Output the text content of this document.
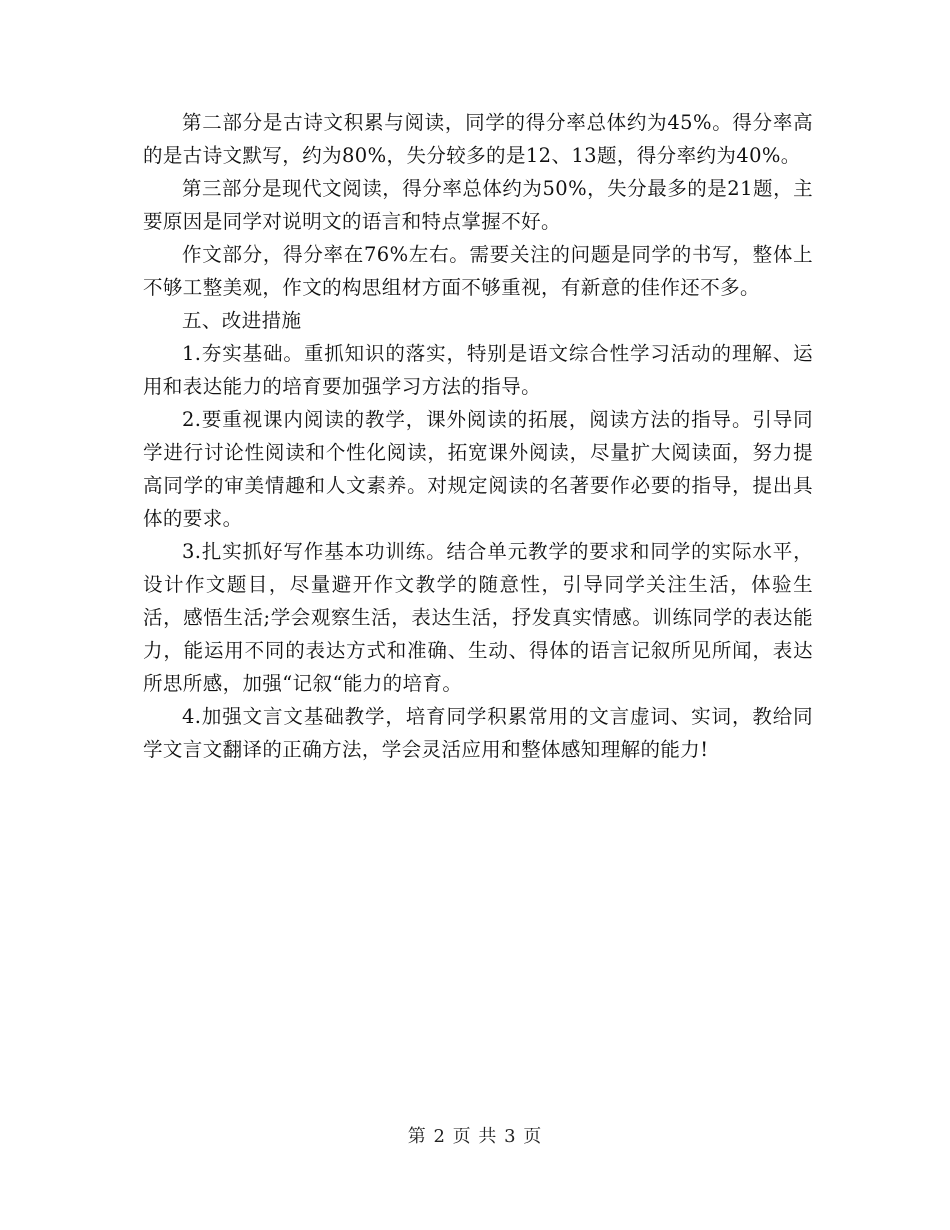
第二部分是古诗文积累与阅读，同学的得分率总体约为45%。得分率高的是古诗文默写，约为80%，失分较多的是12、13题，得分率约为40%。

第三部分是现代文阅读，得分率总体约为50%，失分最多的是21题，主要原因是同学对说明文的语言和特点掌握不好。

作文部分，得分率在76%左右。需要关注的问题是同学的书写，整体上不够工整美观，作文的构思组材方面不够重视，有新意的佳作还不多。

五、改进措施

1.夯实基础。重抓知识的落实，特别是语文综合性学习活动的理解、运用和表达能力的培育要加强学习方法的指导。

2.要重视课内阅读的教学，课外阅读的拓展，阅读方法的指导。引导同学进行讨论性阅读和个性化阅读，拓宽课外阅读，尽量扩大阅读面，努力提高同学的审美情趣和人文素养。对规定阅读的名著要作必要的指导，提出具体的要求。

3.扎实抓好写作基本功训练。结合单元教学的要求和同学的实际水平，设计作文题目，尽量避开作文教学的随意性，引导同学关注生活，体验生活，感悟生活;学会观察生活，表达生活，抒发真实情感。训练同学的表达能力，能运用不同的表达方式和准确、生动、得体的语言记叙所见所闻，表达所思所感，加强“记叙“能力的培育。

4.加强文言文基础教学，培育同学积累常用的文言虚词、实词，教给同学文言文翻译的正确方法，学会灵活应用和整体感知理解的能力!

第 2 页 共 3 页
